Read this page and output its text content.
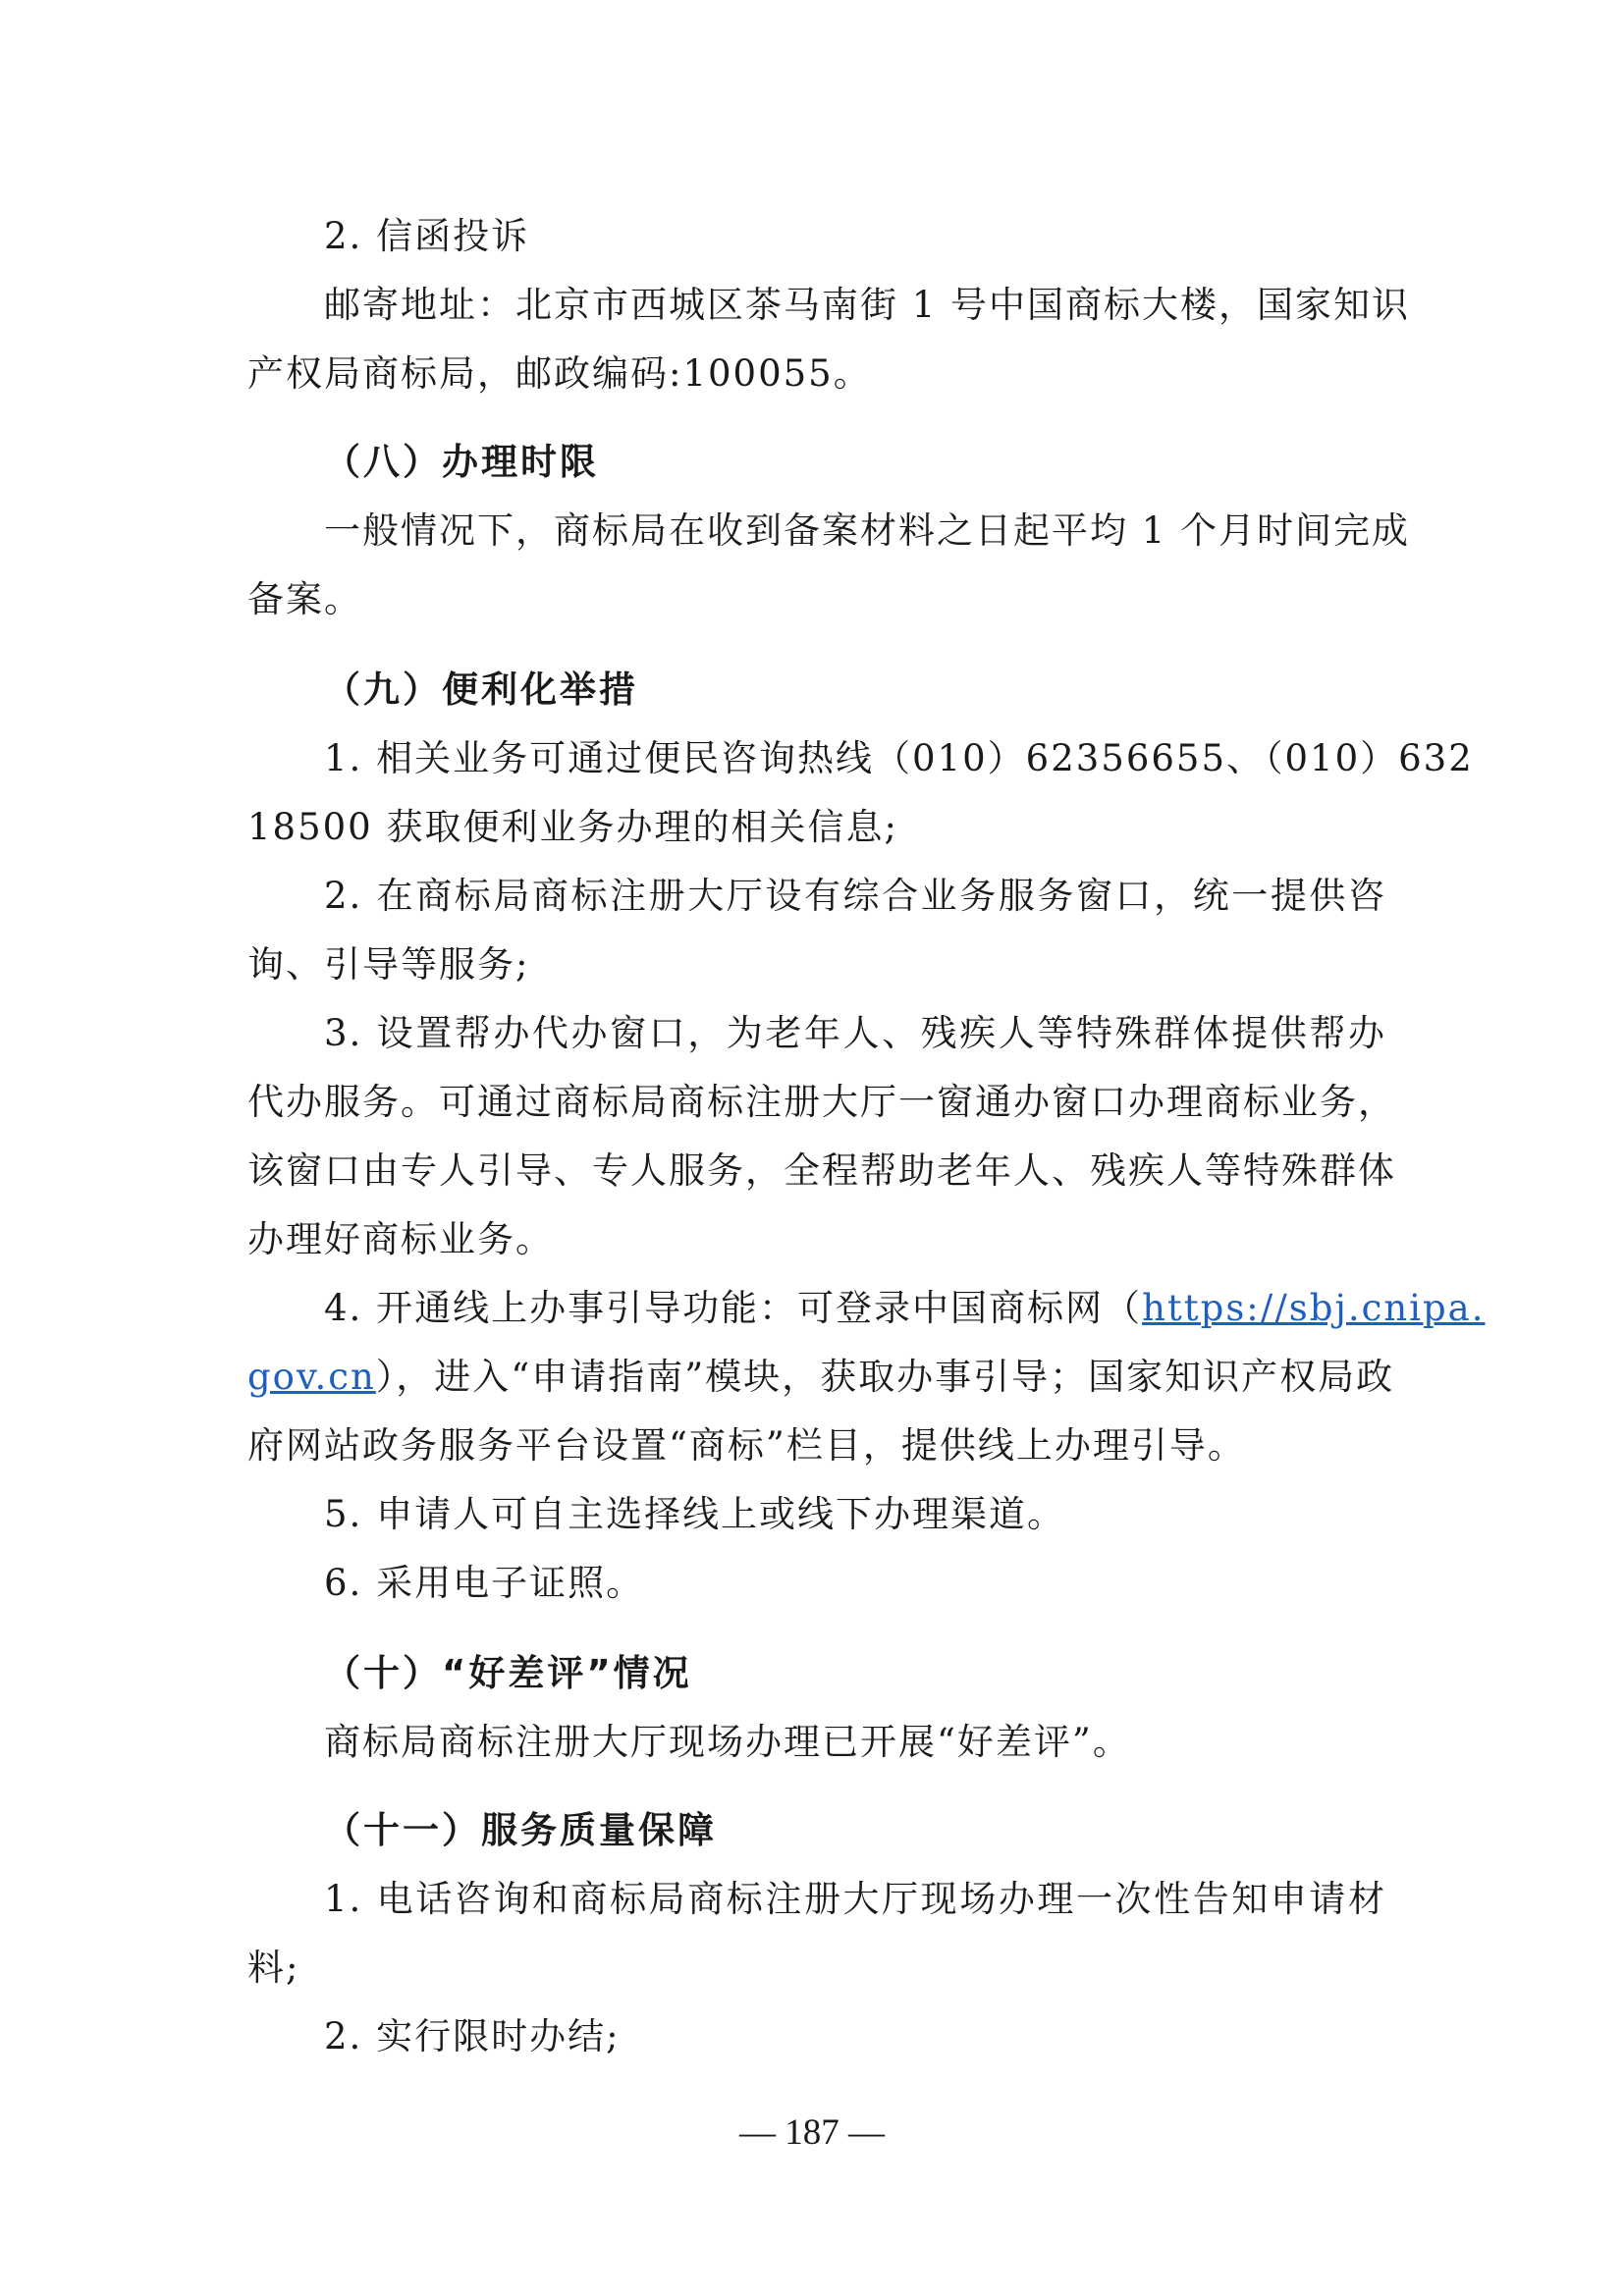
2. 信函投诉
邮寄地址：北京市西城区茶马南街 1 号中国商标大楼，国家知识
产权局商标局，邮政编码:100055。
（八）办理时限
一般情况下，商标局在收到备案材料之日起平均 1 个月时间完成
备案。
（九）便利化举措
1. 相关业务可通过便民咨询热线（010）62356655、（010）632
18500 获取便利业务办理的相关信息;
2. 在商标局商标注册大厅设有综合业务服务窗口，统一提供咨
询、引导等服务;
3. 设置帮办代办窗口，为老年人、残疾人等特殊群体提供帮办
代办服务。可通过商标局商标注册大厅一窗通办窗口办理商标业务，
该窗口由专人引导、专人服务，全程帮助老年人、残疾人等特殊群体
办理好商标业务。
4. 开通线上办事引导功能：可登录中国商标网（https://sbj.cnipa.
gov.cn），进入“申请指南”模块，获取办事引导；国家知识产权局政
府网站政务服务平台设置“商标”栏目，提供线上办理引导。
5. 申请人可自主选择线上或线下办理渠道。
6. 采用电子证照。
（十）“好差评”情况
商标局商标注册大厅现场办理已开展“好差评”。
（十一）服务质量保障
1. 电话咨询和商标局商标注册大厅现场办理一次性告知申请材
料;
2. 实行限时办结;
— 187 —
